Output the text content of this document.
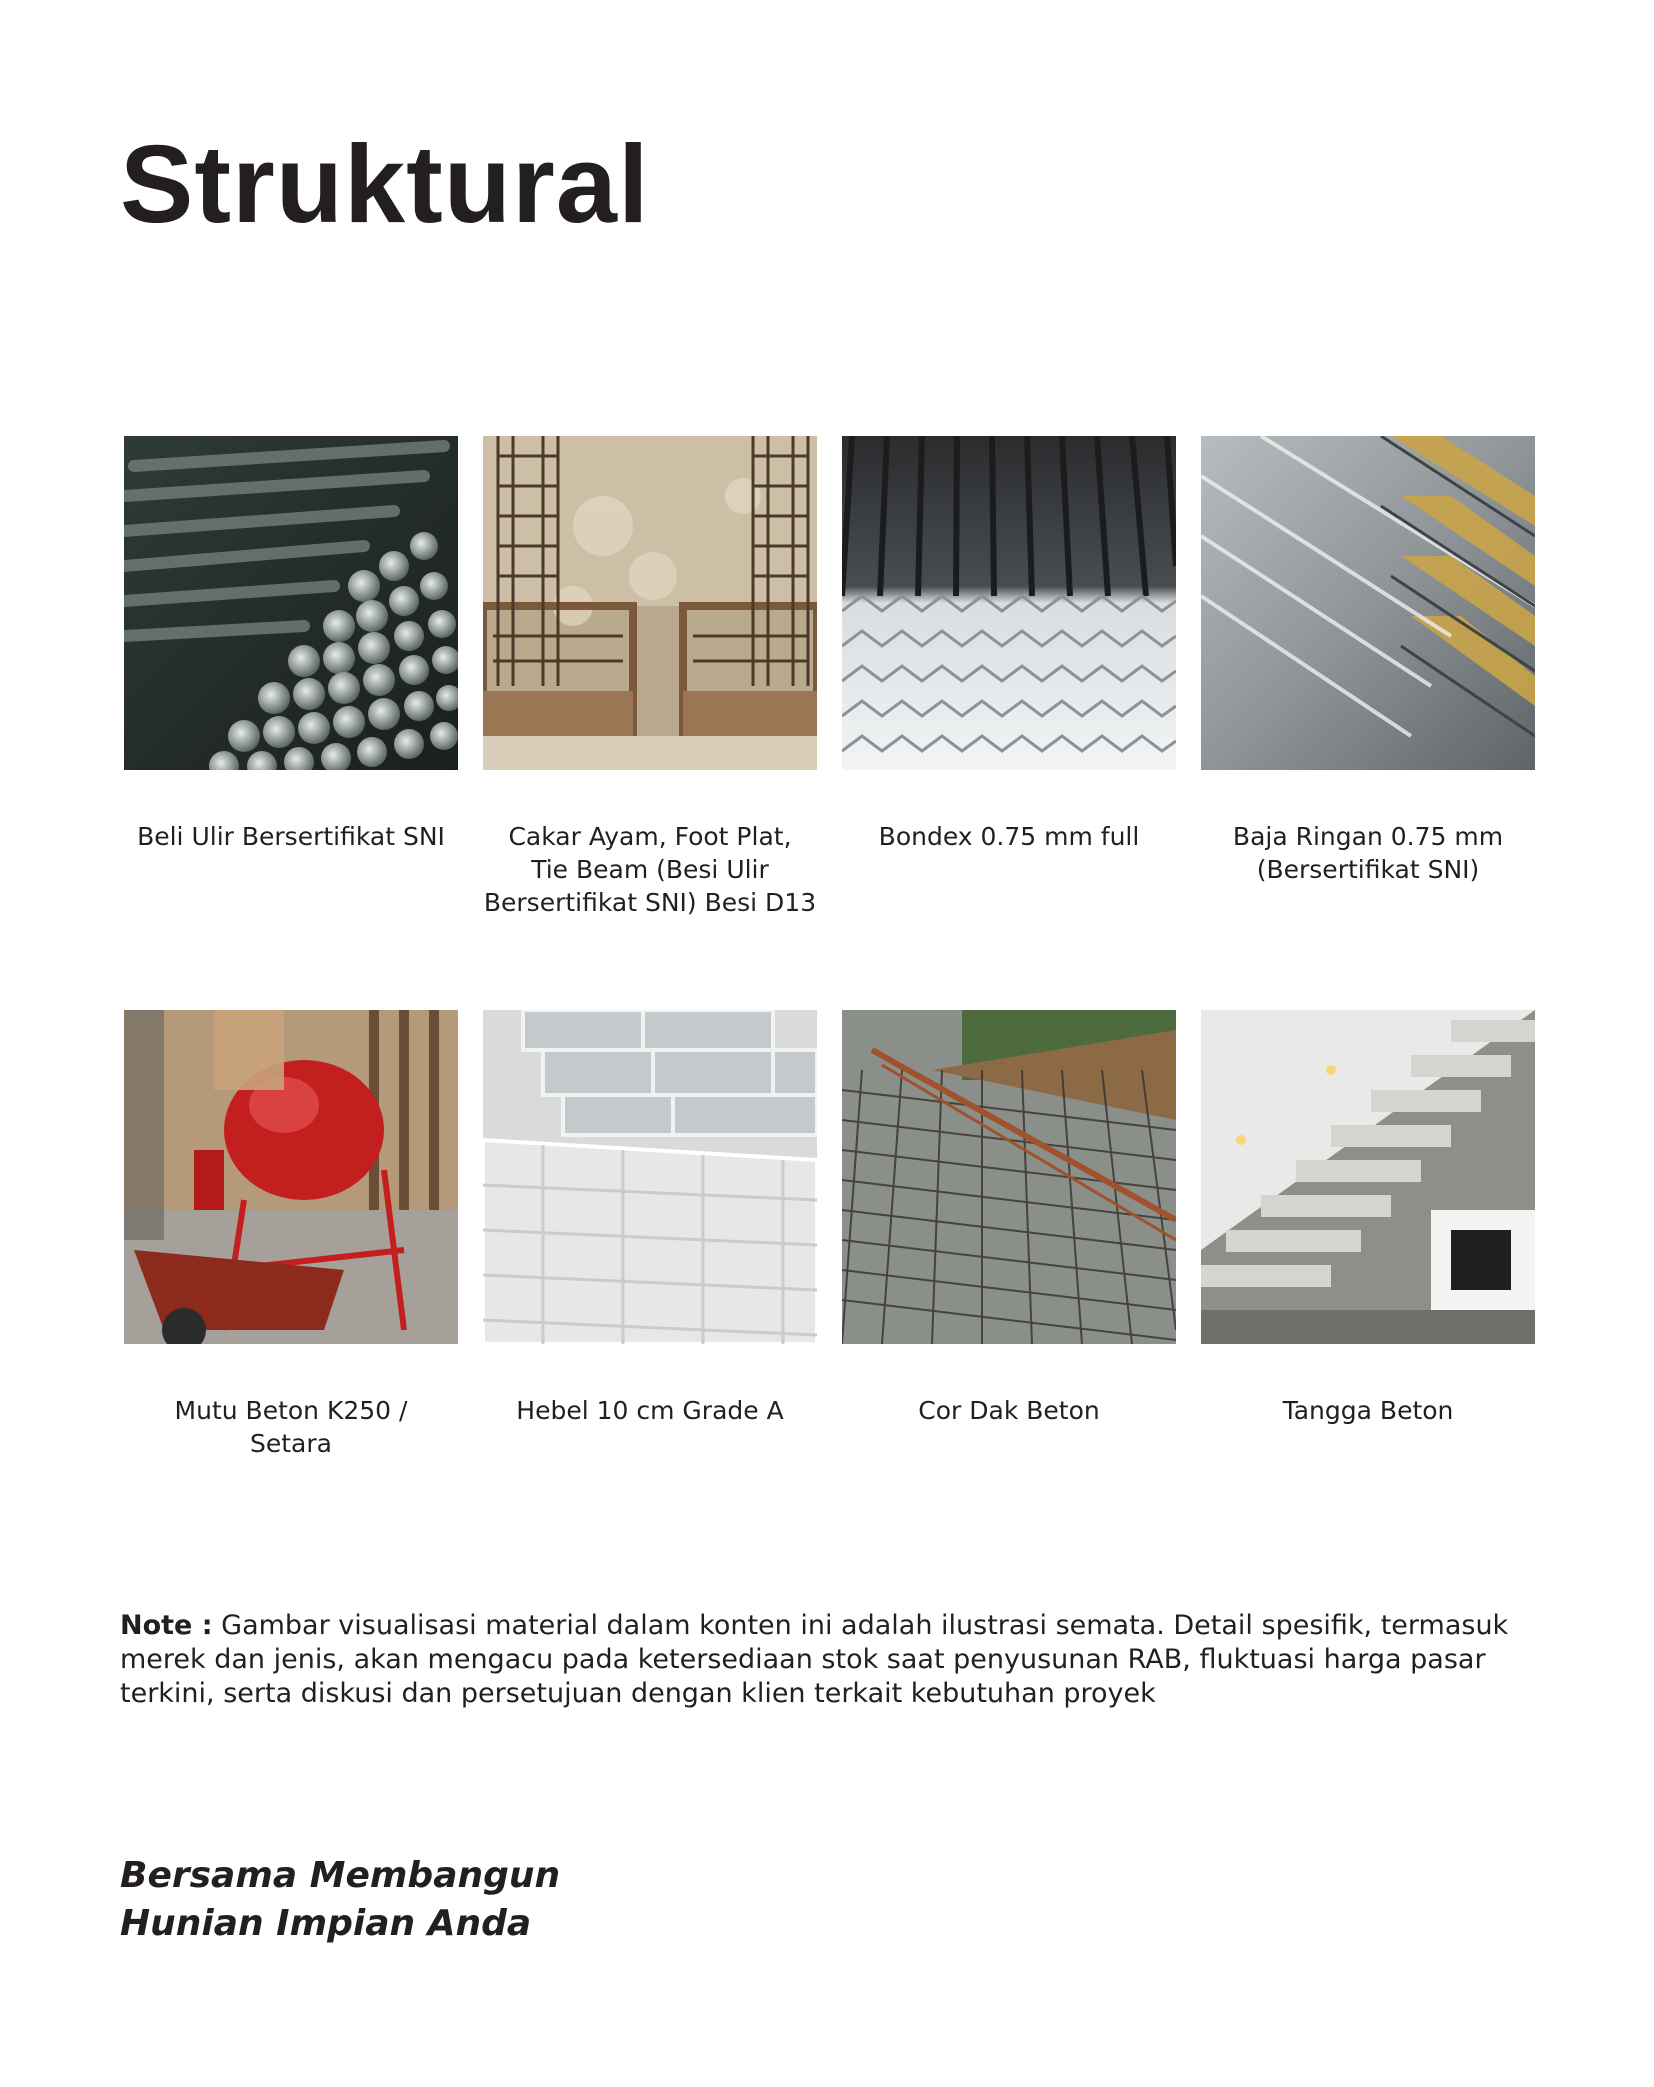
Struktural
Beli Ulir Bersertifikat SNI	Cakar Ayam, Foot Plat,
Tie Beam (Besi Ulir
Bersertifikat SNI) Besi D13
Bondex 0.75 mm full	Baja Ringan 0.75 mm
(Bersertifikat SNI)
Mutu Beton K250 /
Setara
Hebel 10 cm Grade A	Cor Dak Beton	Tangga Beton

Note : Gambar visualisasi material dalam konten ini adalah ilustrasi semata. Detail spesifik, termasuk merek dan jenis, akan mengacu pada ketersediaan stok saat penyusunan RAB, fluktuasi harga pasar terkini, serta diskusi dan persetujuan dengan klien terkait kebutuhan proyek

Bersama Membangun
Hunian Impian Anda
